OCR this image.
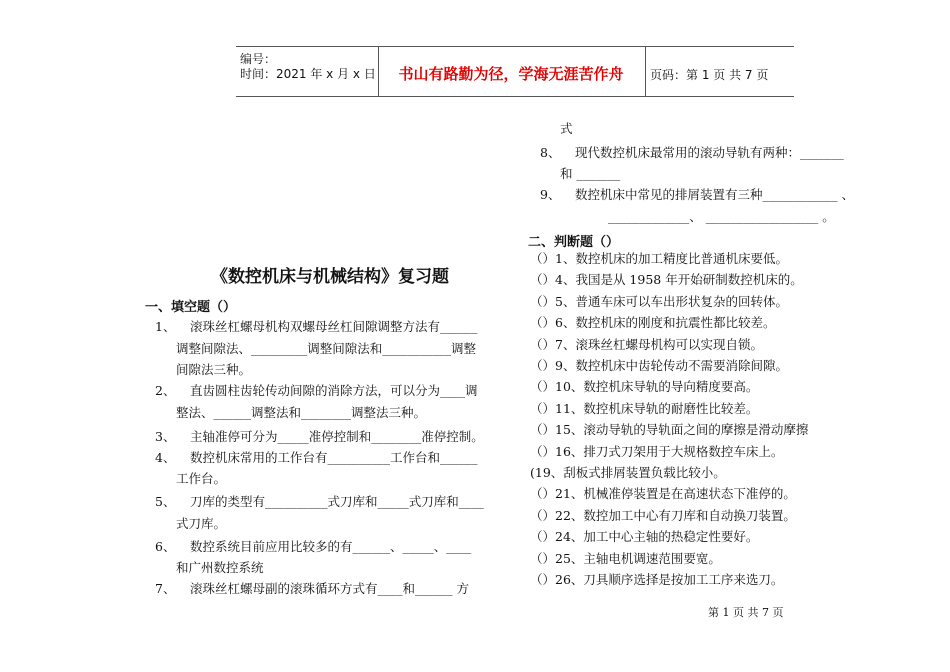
编号：
时间：2021 年 x 月 x 日	书山有路勤为径，学海无涯苦作舟	页码：第 1 页 共 7 页
《数控机床与机械结构》复习题
一、填空题（）
1、 滚珠丝杠螺母机构双螺母丝杠间隙调整方法有______
调整间隙法、_________调整间隙法和___________调整
间隙法三种。
2、 直齿圆柱齿轮传动间隙的消除方法，可以分为____调
整法、______调整法和________调整法三种。
3、 主轴准停可分为_____准停控制和________准停控制。
4、 数控机床常用的工作台有__________工作台和______
工作台。
5、 刀库的类型有__________式刀库和_____式刀库和____
式刀库。
6、 数控系统目前应用比较多的有______、_____、____
和广州数控系统
7、 滚珠丝杠螺母副的滚珠循环方式有____和______ 方
式
8、 现代数控机床最常用的滚动导轨有两种：_______
和 _______
9、 数控机床中常见的排屑装置有三种____________ 、
_____________、 __________________ 。
二、判断题（）
（）1、数控机床的加工精度比普通机床要低。
（）4、我国是从 1958 年开始研制数控机床的。
（）5、普通车床可以车出形状复杂的回转体。
（）6、数控机床的刚度和抗震性都比较差。
（）7、滚珠丝杠螺母机构可以实现自锁。
（）9、数控机床中齿轮传动不需要消除间隙。
（）10、数控机床导轨的导向精度要高。
（）11、数控机床导轨的耐磨性比较差。
（）15、滚动导轨的导轨面之间的摩擦是滑动摩擦
（）16、排刀式刀架用于大规格数控车床上。
(19、刮板式排屑装置负载比较小。
（）21、机械准停装置是在高速状态下准停的。
（）22、数控加工中心有刀库和自动换刀装置。
（）24、加工中心主轴的热稳定性要好。
（）25、主轴电机调速范围要宽。
（）26、刀具顺序选择是按加工工序来选刀。
第 1 页 共 7 页
